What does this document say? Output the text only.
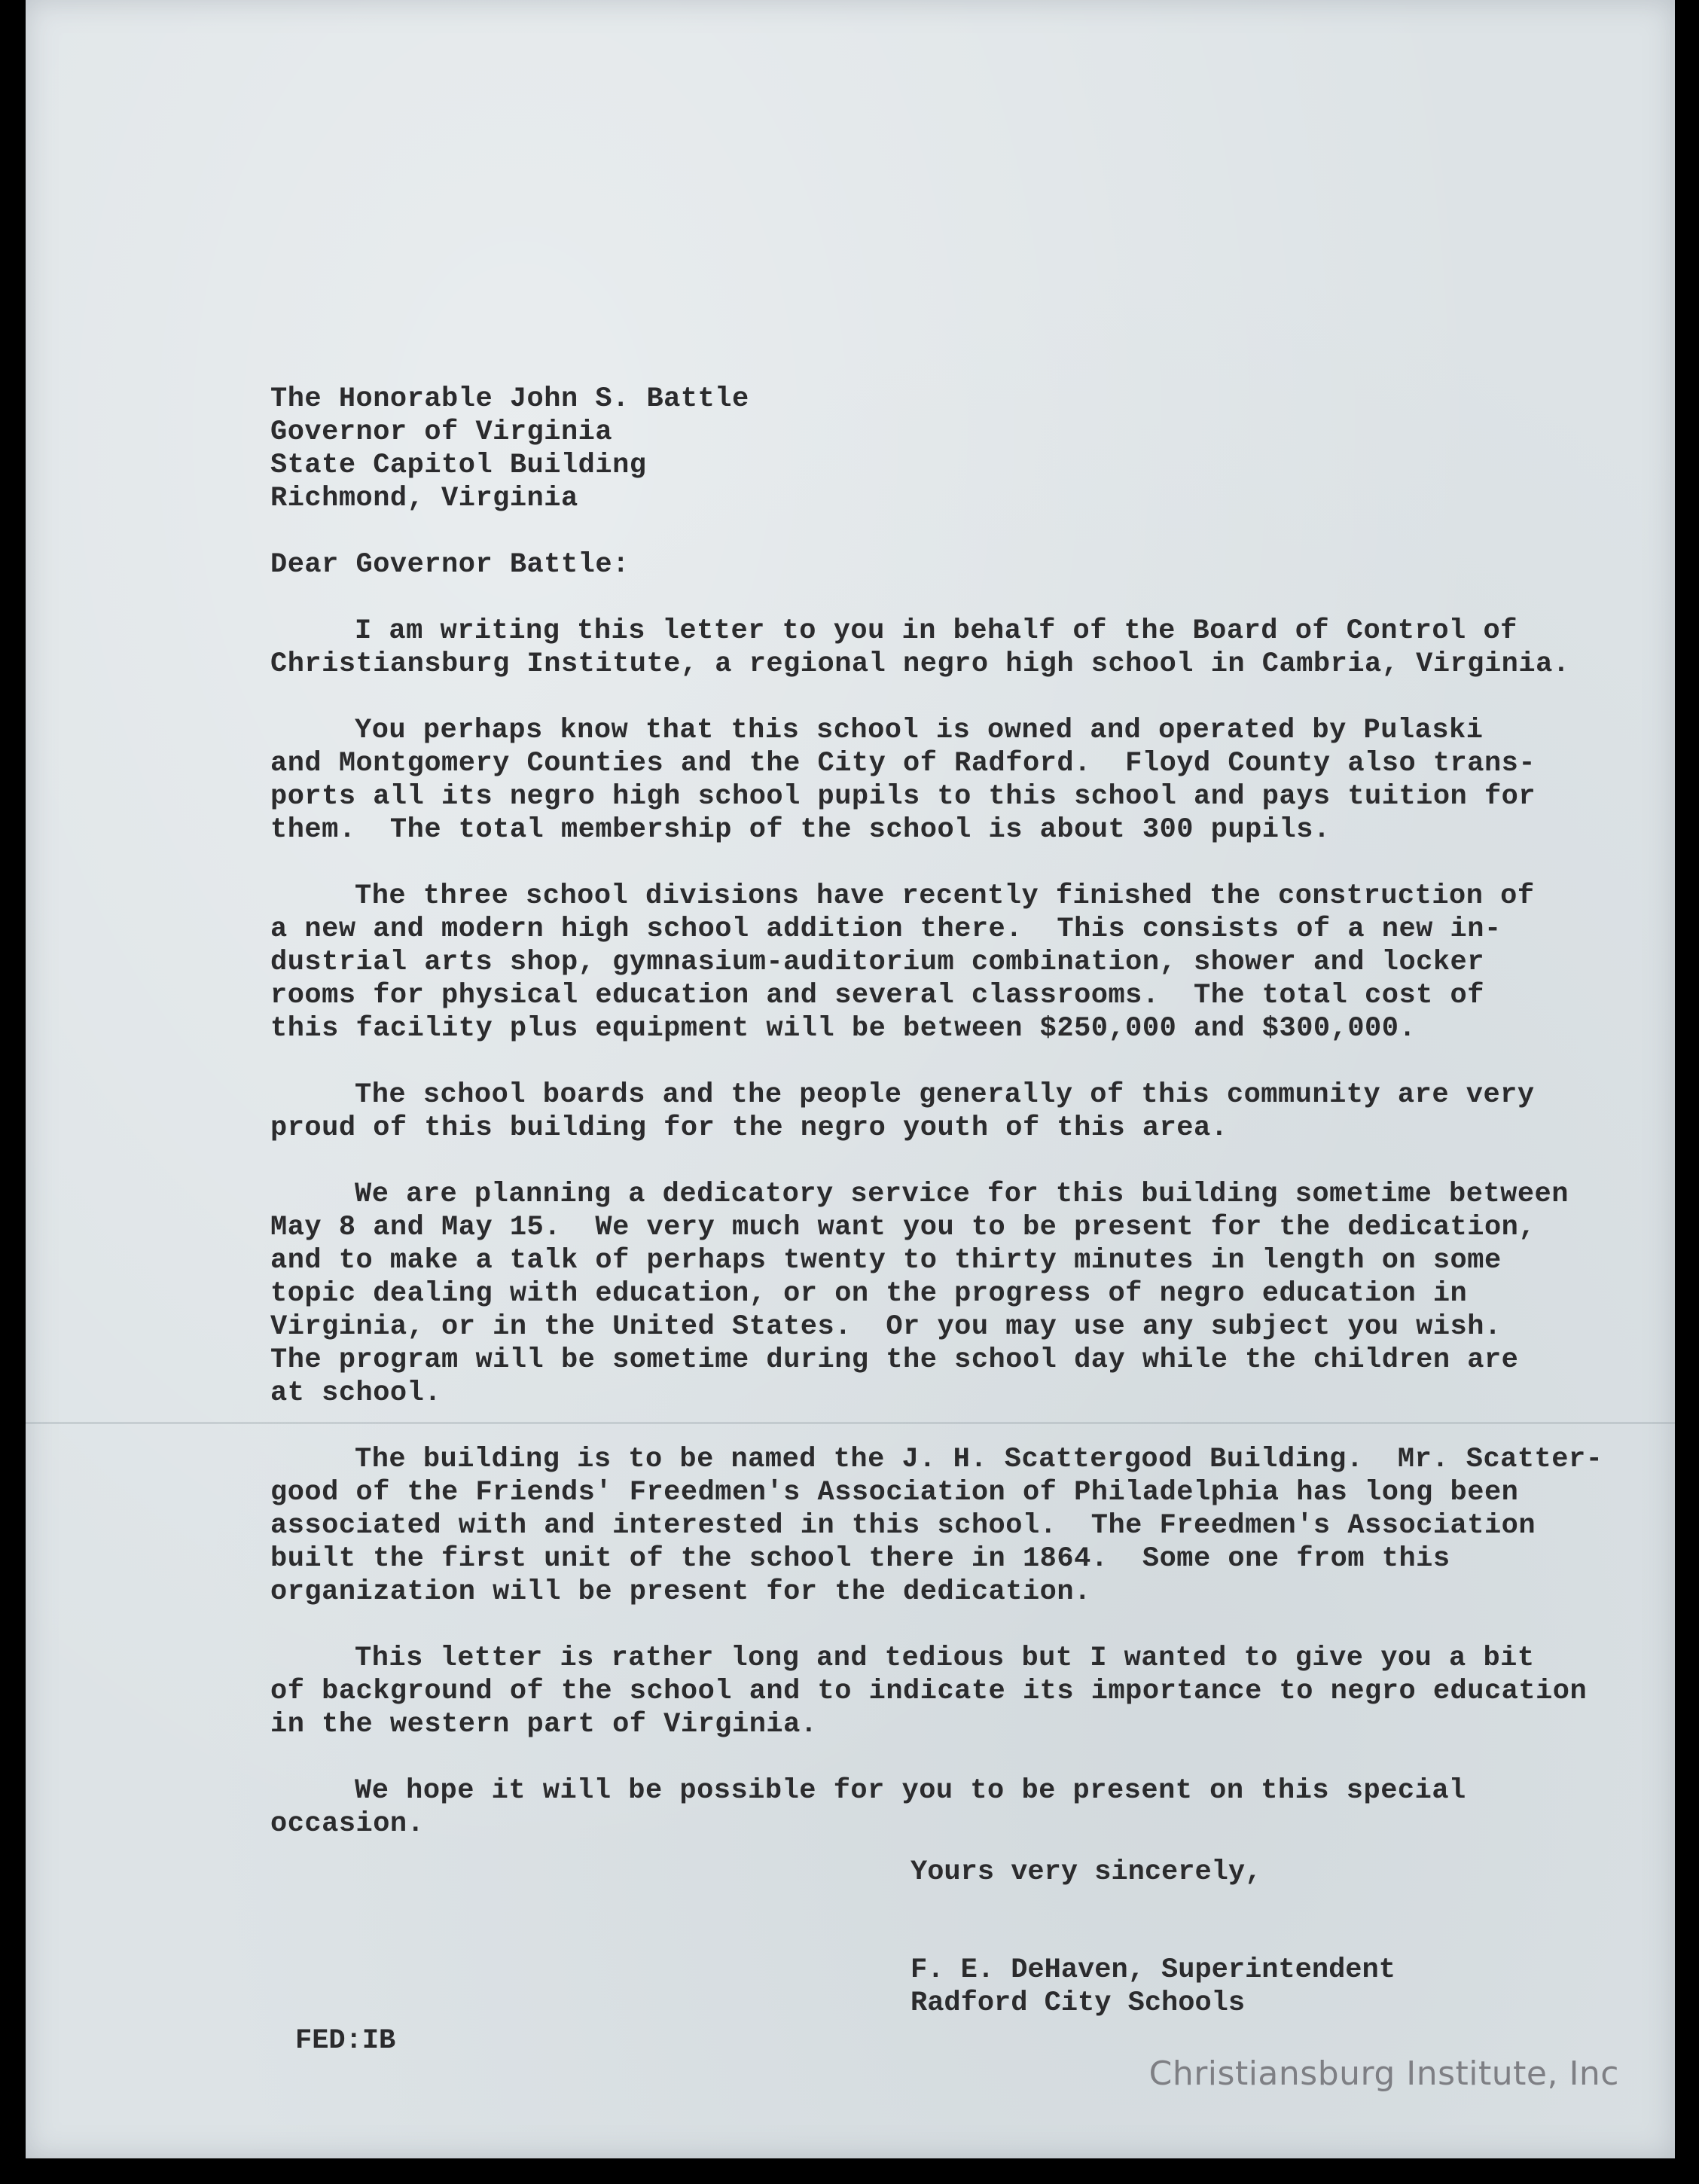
The Honorable John S. Battle
Governor of Virginia
State Capitol Building
Richmond, Virginia
Dear Governor Battle:
I am writing this letter to you in behalf of the Board of Control of
Christiansburg Institute, a regional negro high school in Cambria, Virginia.
You perhaps know that this school is owned and operated by Pulaski
and Montgomery Counties and the City of Radford.  Floyd County also trans-
ports all its negro high school pupils to this school and pays tuition for
them.  The total membership of the school is about 300 pupils.
The three school divisions have recently finished the construction of
a new and modern high school addition there.  This consists of a new in-
dustrial arts shop, gymnasium-auditorium combination, shower and locker
rooms for physical education and several classrooms.  The total cost of
this facility plus equipment will be between $250,000 and $300,000.
The school boards and the people generally of this community are very
proud of this building for the negro youth of this area.
We are planning a dedicatory service for this building sometime between
May 8 and May 15.  We very much want you to be present for the dedication,
and to make a talk of perhaps twenty to thirty minutes in length on some
topic dealing with education, or on the progress of negro education in
Virginia, or in the United States.  Or you may use any subject you wish.
The program will be sometime during the school day while the children are
at school.
The building is to be named the J. H. Scattergood Building.  Mr. Scatter-
good of the Friends' Freedmen's Association of Philadelphia has long been
associated with and interested in this school.  The Freedmen's Association
built the first unit of the school there in 1864.  Some one from this
organization will be present for the dedication.
This letter is rather long and tedious but I wanted to give you a bit
of background of the school and to indicate its importance to negro education
in the western part of Virginia.
We hope it will be possible for you to be present on this special
occasion.
Yours very sincerely,
F. E. DeHaven, Superintendent
Radford City Schools
FED:IB
Christiansburg Institute, Inc
